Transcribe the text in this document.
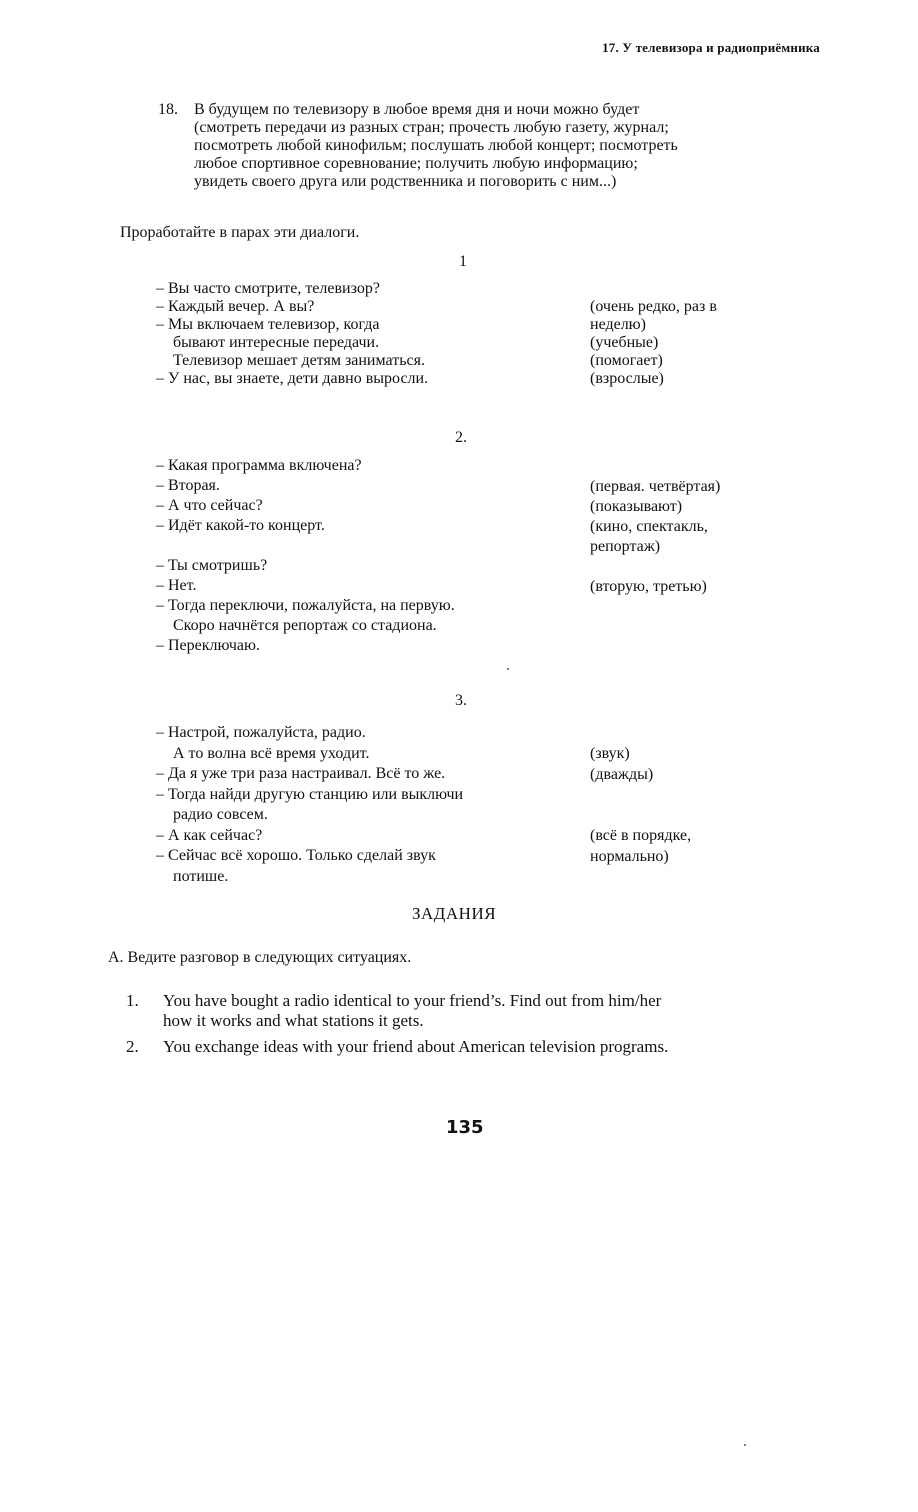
17. У телевизора и радиоприёмника
18. В будущем по телевизору в любое время дня и ночи можно будет
(смотреть передачи из разных стран; прочесть любую газету, журнал;
посмотреть любой кинофильм; послушать любой концерт; посмотреть
любое спортивное соревнование; получить любую информацию;
увидеть своего друга или родственника и поговорить с ним...)
Проработайте в парах эти диалоги.
1
– Вы часто смотрите, телевизор?
– Каждый вечер. А вы?
– Мы включаем телевизор, когда
бывают интересные передачи.
Телевизор мешает детям заниматься.
– У нас, вы знаете, дети давно выросли.
(очень редко, раз в
неделю)
(учебные)
(помогает)
(взрослые)
2.
– Какая программа включена?
– Вторая.
– А что сейчас?
– Идёт какой-то концерт.
– Ты смотришь?
– Нет.
– Тогда переключи, пожалуйста, на первую.
Скоро начнётся репортаж со стадиона.
– Переключаю.
(первая. четвёртая)
(показывают)
(кино, спектакль,
репортаж)
(вторую, третью)
3.
– Настрой, пожалуйста, радио.
А то волна всё время уходит.
– Да я уже три раза настраивал. Всё то же.
– Тогда найди другую станцию или выключи
радио совсем.
– А как сейчас?
– Сейчас всё хорошо. Только сделай звук
потише.
(звук)
(дважды)
(всё в порядке,
нормально)
ЗАДАНИЯ
А. Ведите разговор в следующих ситуациях.
1. You have bought a radio identical to your friend’s. Find out from him/her
how it works and what stations it gets.
2. You exchange ideas with your friend about American television programs.
135
